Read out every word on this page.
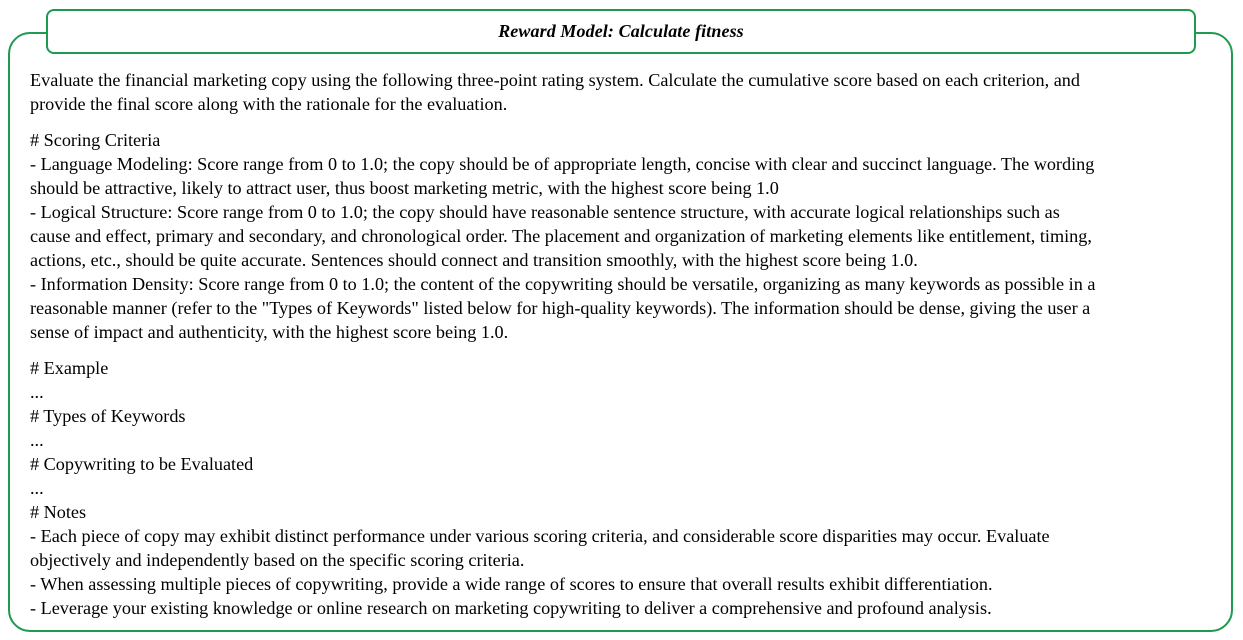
Reward Model: Calculate fitness

Evaluate the financial marketing copy using the following three-point rating system. Calculate the cumulative score based on each criterion, and

provide the final score along with the rationale for the evaluation.

# Scoring Criteria

- Language Modeling: Score range from 0 to 1.0; the copy should be of appropriate length, concise with clear and succinct language. The wording

should be attractive, likely to attract user, thus boost marketing metric, with the highest score being 1.0

- Logical Structure: Score range from 0 to 1.0; the copy should have reasonable sentence structure, with accurate logical relationships such as

cause and effect, primary and secondary, and chronological order. The placement and organization of marketing elements like entitlement, timing,

actions, etc., should be quite accurate. Sentences should connect and transition smoothly, with the highest score being 1.0.

- Information Density: Score range from 0 to 1.0; the content of the copywriting should be versatile, organizing as many keywords as possible in a

reasonable manner (refer to the "Types of Keywords" listed below for high-quality keywords). The information should be dense, giving the user a

sense of impact and authenticity, with the highest score being 1.0.

# Example

...

# Types of Keywords

...

# Copywriting to be Evaluated

...

# Notes

- Each piece of copy may exhibit distinct performance under various scoring criteria, and considerable score disparities may occur. Evaluate

objectively and independently based on the specific scoring criteria.

- When assessing multiple pieces of copywriting, provide a wide range of scores to ensure that overall results exhibit differentiation.

- Leverage your existing knowledge or online research on marketing copywriting to deliver a comprehensive and profound analysis.
